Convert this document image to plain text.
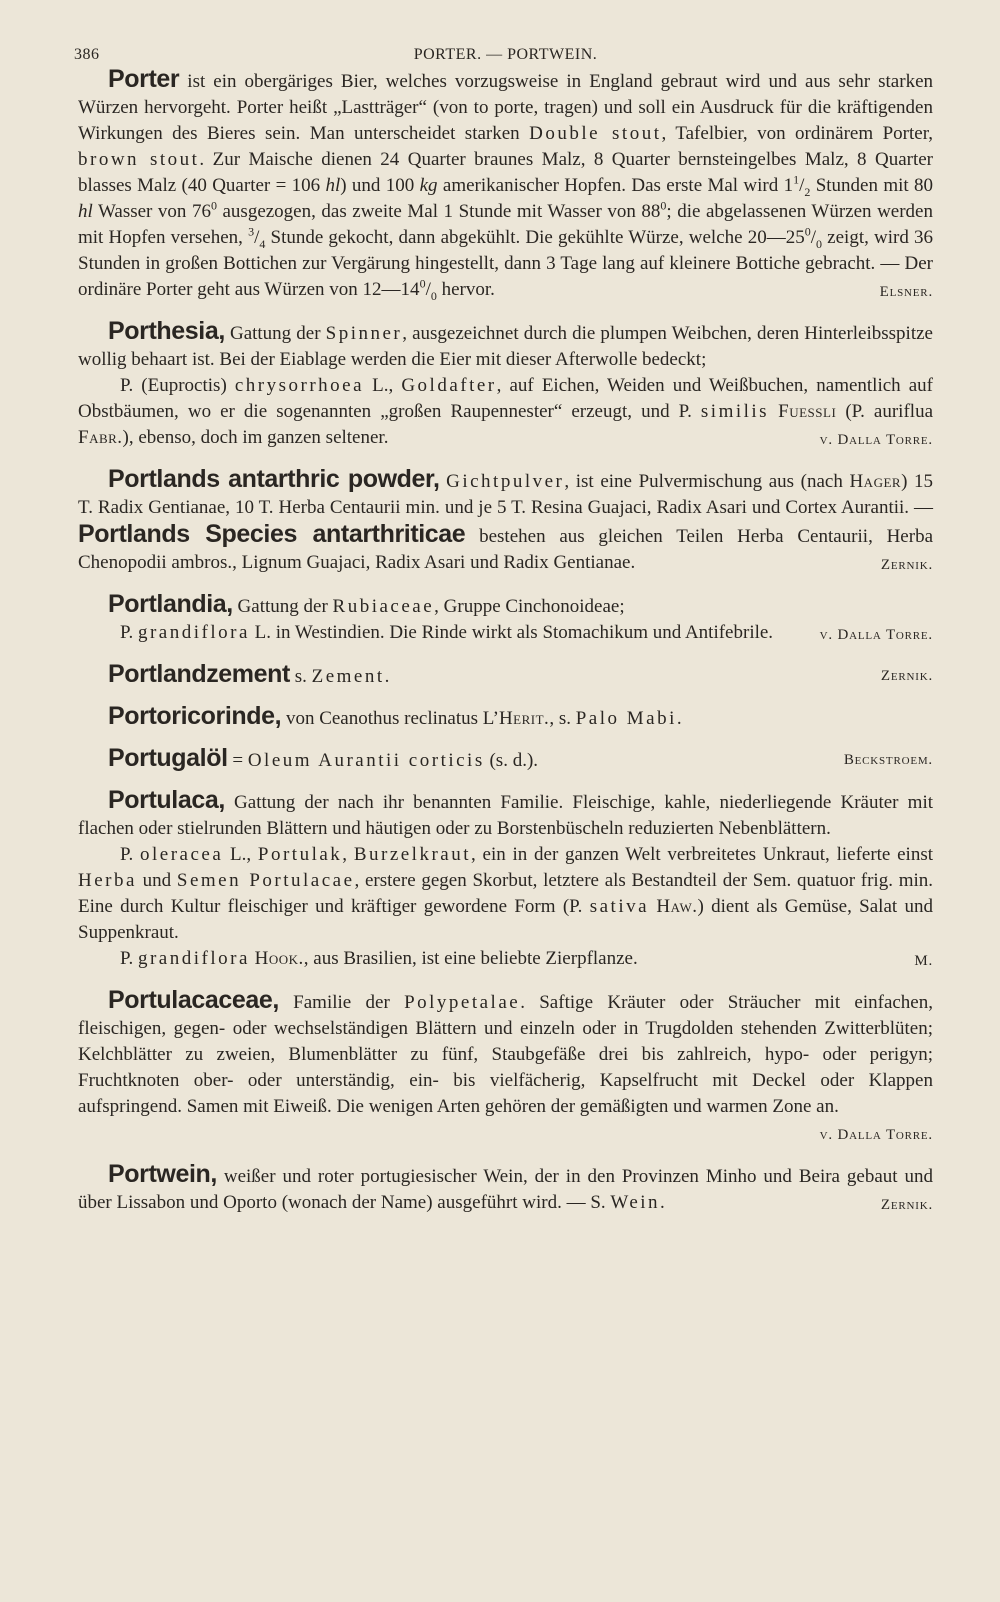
386	PORTER. — PORTWEIN.

Porter ist ein obergäriges Bier, welches vorzugsweise in England gebraut wird und aus sehr starken Würzen hervorgeht. Porter heißt „Lastträger“ (von to porte, tragen) und soll ein Ausdruck für die kräftigenden Wirkungen des Bieres sein. Man unterscheidet starken Double stout, Tafelbier, von ordinärem Porter, brown stout. Zur Maische dienen 24 Quarter braunes Malz, 8 Quarter bernsteingelbes Malz, 8 Quarter blasses Malz (40 Quarter = 106 hl) und 100 kg amerikanischer Hopfen. Das erste Mal wird $1^1/_2$ Stunden mit 80 hl Wasser von $76^0$ ausgezogen, das zweite Mal 1 Stunde mit Wasser von $88^0$; die abgelassenen Würzen werden mit Hopfen versehen, $^3/_4$ Stunde gekocht, dann abgekühlt. Die gekühlte Würze, welche $20—25^0/_0$ zeigt, wird 36 Stunden in großen Bottichen zur Vergärung hingestellt, dann 3 Tage lang auf kleinere Bottiche gebracht. — Der ordinäre Porter geht aus Würzen von $12—14^0/_0$ hervor.	Elsner.

Porthesia, Gattung der Spinner, ausgezeichnet durch die plumpen Weibchen, deren Hinterleibsspitze wollig behaart ist. Bei der Eiablage werden die Eier mit dieser Afterwolle bedeckt;

P. (Euproctis) chrysorrhoea L., Goldafter, auf Eichen, Weiden und Weißbuchen, namentlich auf Obstbäumen, wo er die sogenannten „großen Raupennester“ erzeugt, und P. similis Fuessli (P. auriflua Fabr.), ebenso, doch im ganzen seltener.	v. Dalla Torre.

Portlands antarthric powder, Gichtpulver, ist eine Pulvermischung aus (nach Hager) 15 T. Radix Gentianae, 10 T. Herba Centaurii min. und je 5 T. Resina Guajaci, Radix Asari und Cortex Aurantii. — Portlands Species antarthriticae bestehen aus gleichen Teilen Herba Centaurii, Herba Chenopodii ambros., Lignum Guajaci, Radix Asari und Radix Gentianae.	Zernik.

Portlandia, Gattung der Rubiaceae, Gruppe Cinchonoideae;

P. grandiflora L. in Westindien. Die Rinde wirkt als Stomachikum und Antifebrile.	v. Dalla Torre.

Portlandzement s. Zement.	Zernik.

Portoricorinde, von Ceanothus reclinatus L’Herit., s. Palo Mabi.

Portugalöl = Oleum Aurantii corticis (s. d.).	Beckstroem.

Portulaca, Gattung der nach ihr benannten Familie. Fleischige, kahle, niederliegende Kräuter mit flachen oder stielrunden Blättern und häutigen oder zu Borstenbüscheln reduzierten Nebenblättern.

P. oleracea L., Portulak, Burzelkraut, ein in der ganzen Welt verbreitetes Unkraut, lieferte einst Herba und Semen Portulacae, erstere gegen Skorbut, letztere als Bestandteil der Sem. quatuor frig. min. Eine durch Kultur fleischiger und kräftiger gewordene Form (P. sativa Haw.) dient als Gemüse, Salat und Suppenkraut.

P. grandiflora Hook., aus Brasilien, ist eine beliebte Zierpflanze.	M.

Portulacaceae, Familie der Polypetalae. Saftige Kräuter oder Sträucher mit einfachen, fleischigen, gegen- oder wechselständigen Blättern und einzeln oder in Trugdolden stehenden Zwitterblüten; Kelchblätter zu zweien, Blumenblätter zu fünf, Staubgefäße drei bis zahlreich, hypo- oder perigyn; Fruchtknoten ober- oder unterständig, ein- bis vielfächerig, Kapselfrucht mit Deckel oder Klappen aufspringend. Samen mit Eiweiß. Die wenigen Arten gehören der gemäßigten und warmen Zone an.
v. Dalla Torre.

Portwein, weißer und roter portugiesischer Wein, der in den Provinzen Minho und Beira gebaut und über Lissabon und Oporto (wonach der Name) ausgeführt wird. — S. Wein.	Zernik.
